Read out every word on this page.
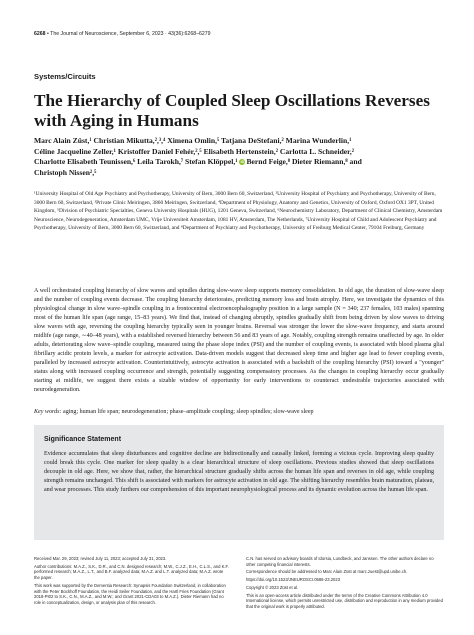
6268 • The Journal of Neuroscience, September 6, 2023 · 43(36):6268–6279
Systems/Circuits
The Hierarchy of Coupled Sleep Oscillations Reverses with Aging in Humans
Marc Alain Züst,¹ Christian Mikutta,²,³,⁴ Ximena Omlin,⁵ Tatjana DeStefani,² Marina Wunderlin,¹
Céline Jacqueline Zeller,¹ Kristoffer Daniel Fehér,²,⁵ Elisabeth Hertenstein,² Carlotta L. Schneider,²
Charlotte Elisabeth Teunissen,⁶ Leila Tarokh,⁷ Stefan Klöppel,¹ iD Bernd Feige,⁸ Dieter Riemann,⁸ and
Christoph Nissen²,⁵
¹University Hospital of Old Age Psychiatry and Psychotherapy, University of Bern, 3000 Bern 60, Switzerland, ²University Hospital of Psychiatry and Psychotherapy, University of Bern, 3000 Bern 60, Switzerland, ³Private Clinic Meiringen, 3860 Meiringen, Switzerland, ⁴Department of Physiology, Anatomy and Genetics, University of Oxford, Oxford OX1 3PT, United Kingdom, ⁵Division of Psychiatric Specialties, Geneva University Hospitals (HUG), 1201 Geneva, Switzerland, ⁶Neurochemistry Laboratory, Department of Clinical Chemistry, Amsterdam Neuroscience, Neurodegeneration, Amsterdam UMC, Vrije Universiteit Amsterdam, 1081 HV, Amsterdam, The Netherlands, ⁷University Hospital of Child and Adolescent Psychiatry and Psychotherapy, University of Bern, 3000 Bern 60, Switzerland, and ⁸Department of Psychiatry and Psychotherapy, University of Freiburg Medical Center, 79104 Freiburg, Germany
A well orchestrated coupling hierarchy of slow waves and spindles during slow-wave sleep supports memory consolidation. In old age, the duration of slow-wave sleep and the number of coupling events decrease. The coupling hierarchy deteriorates, predicting memory loss and brain atrophy. Here, we investigate the dynamics of this physiological change in slow wave–spindle coupling in a frontocentral electroencephalography position in a large sample (N = 340; 237 females, 103 males) spanning most of the human life span (age range, 15–83 years). We find that, instead of changing abruptly, spindles gradually shift from being driven by slow waves to driving slow waves with age, reversing the coupling hierarchy typically seen in younger brains. Reversal was stronger the lower the slow-wave frequency, and starts around midlife (age range, ∼40–48 years), with a established reversed hierarchy between 56 and 83 years of age. Notably, coupling strength remains unaffected by age. In older adults, deteriorating slow wave–spindle coupling, measured using the phase slope index (PSI) and the number of coupling events, is associated with blood plasma glial fibrillary acidic protein levels, a marker for astrocyte activation. Data-driven models suggest that decreased sleep time and higher age lead to fewer coupling events, paralleled by increased astrocyte activation. Counterintuitively, astrocyte activation is associated with a backshift of the coupling hierarchy (PSI) toward a "younger" status along with increased coupling occurrence and strength, potentially suggesting compensatory processes. As the changes in coupling hierarchy occur gradually starting at midlife, we suggest there exists a sizable window of opportunity for early interventions to counteract undesirable trajectories associated with neurodegeneration.
Key words: aging; human life span; neurodegeneration; phase–amplitude coupling; sleep spindles; slow-wave sleep
Significance Statement
Evidence accumulates that sleep disturbances and cognitive decline are bidirectionally and causally linked, forming a vicious cycle. Improving sleep quality could break this cycle. One marker for sleep quality is a clear hierarchical structure of sleep oscillations. Previous studies showed that sleep oscillations decouple in old age. Here, we show that, rather, the hierarchical structure gradually shifts across the human life span and reverses in old age, while coupling strength remains unchanged. This shift is associated with markers for astrocyte activation in old age. The shifting hierarchy resembles brain maturation, plateau, and wear processes. This study furthers our comprehension of this important neurophysiological process and its dynamic evolution across the human life span.

Received Mar. 29, 2023; revised July 11, 2023; accepted July 31, 2023.

Author contributions: M.A.Z., S.K., D.R., and C.N. designed research; M.W., C.J.Z., E.H., C.L.S., and K.F. performed research; M.A.Z., L.T., and B.F. analyzed data; M.A.Z. and L.T. analyzed data; M.A.Z. wrote the paper.

This work was supported by the Dementia Research: Synapsis Foundation Switzerland, in collaboration with the Peter Bockhoff Foundation, the Heidi Seiler Foundation, and the Hartl Fries Foundation (Grant 2018-PI02 to S.K., C.N., M.A.Z., and M.W.; and Grant 2021-CDA03 to M.A.Z.). Dieter Riemann had no role in conceptualization, design, or analysis plan of this research.

C.N. has served on advisory boards of Idorsia, Lundbeck, and Janssen. The other authors declare no other competing financial interests.

Correspondence should be addressed to Marc Alain Züst at marc.zuest@upd.unibe.ch.

https://doi.org/10.1523/JNEUROSCI.0586-23.2023

Copyright © 2023 Züst et al.

This is an open-access article distributed under the terms of the Creative Commons Attribution 4.0 International license, which permits unrestricted use, distribution and reproduction in any medium provided that the original work is properly attributed.
